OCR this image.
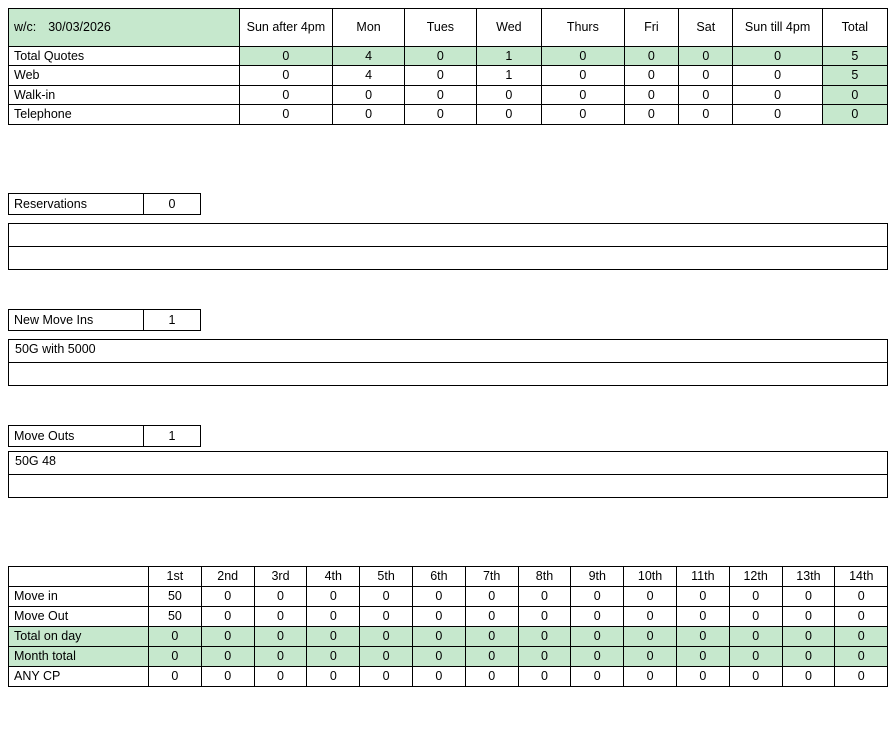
w/c: 30/03/2026	Sun after 4pm	Mon	Tues	Wed	Thurs	Fri	Sat	Sun till 4pm	Total
Total Quotes	0	4	0	1	0	0	0	0	5
Web	0	4	0	1	0	0	0	0	5
Walk-in	0	0	0	0	0	0	0	0	0
Telephone	0	0	0	0	0	0	0	0	0
Reservations	0

New Move Ins	1
50G with 5000

Move Outs	1
50G 48

	1st	2nd	3rd	4th	5th	6th	7th	8th	9th	10th	11th	12th	13th	14th
Move in	50	0	0	0	0	0	0	0	0	0	0	0	0	0
Move Out	50	0	0	0	0	0	0	0	0	0	0	0	0	0
Total on day	0	0	0	0	0	0	0	0	0	0	0	0	0	0
Month total	0	0	0	0	0	0	0	0	0	0	0	0	0	0
ANY CP	0	0	0	0	0	0	0	0	0	0	0	0	0	0
